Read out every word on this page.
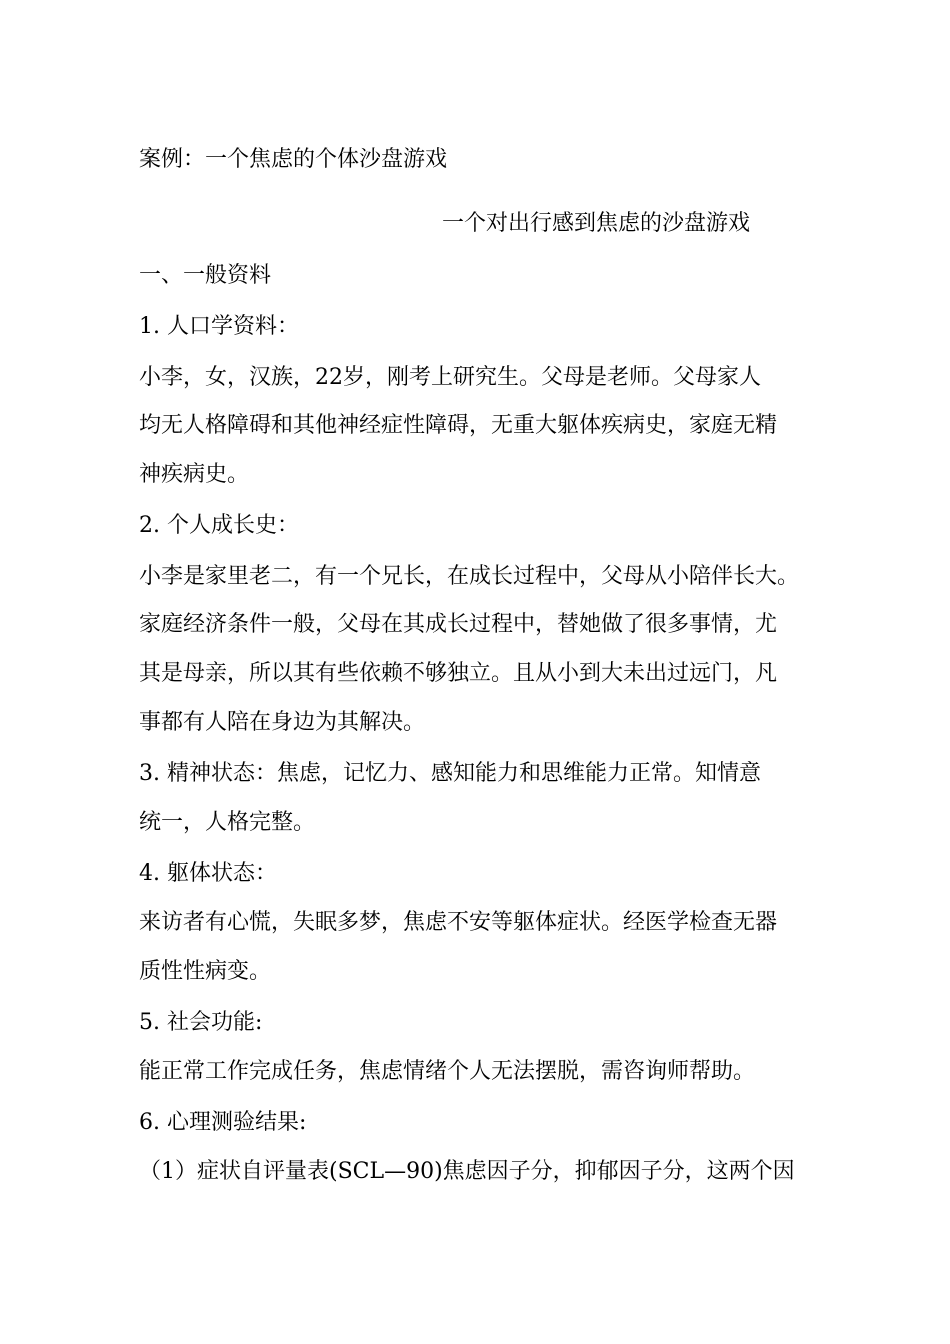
案例：一个焦虑的个体沙盘游戏
一个对出行感到焦虑的沙盘游戏
一、一般资料
1. 人口学资料：
小李，女，汉族，22岁，刚考上研究生。父母是老师。父母家人
均无人格障碍和其他神经症性障碍，无重大躯体疾病史，家庭无精
神疾病史。
2. 个人成长史：
小李是家里老二，有一个兄长，在成长过程中，父母从小陪伴长大。
家庭经济条件一般，父母在其成长过程中，替她做了很多事情，尤
其是母亲，所以其有些依赖不够独立。且从小到大未出过远门，凡
事都有人陪在身边为其解决。
3. 精神状态：焦虑，记忆力、感知能力和思维能力正常。知情意
统一，人格完整。
4. 躯体状态：
来访者有心慌，失眠多梦，焦虑不安等躯体症状。经医学检查无器
质性性病变。
5. 社会功能:
能正常工作完成任务，焦虑情绪个人无法摆脱，需咨询师帮助。
6. 心理测验结果:
（1）症状自评量表(SCL—90)焦虑因子分，抑郁因子分，这两个因
